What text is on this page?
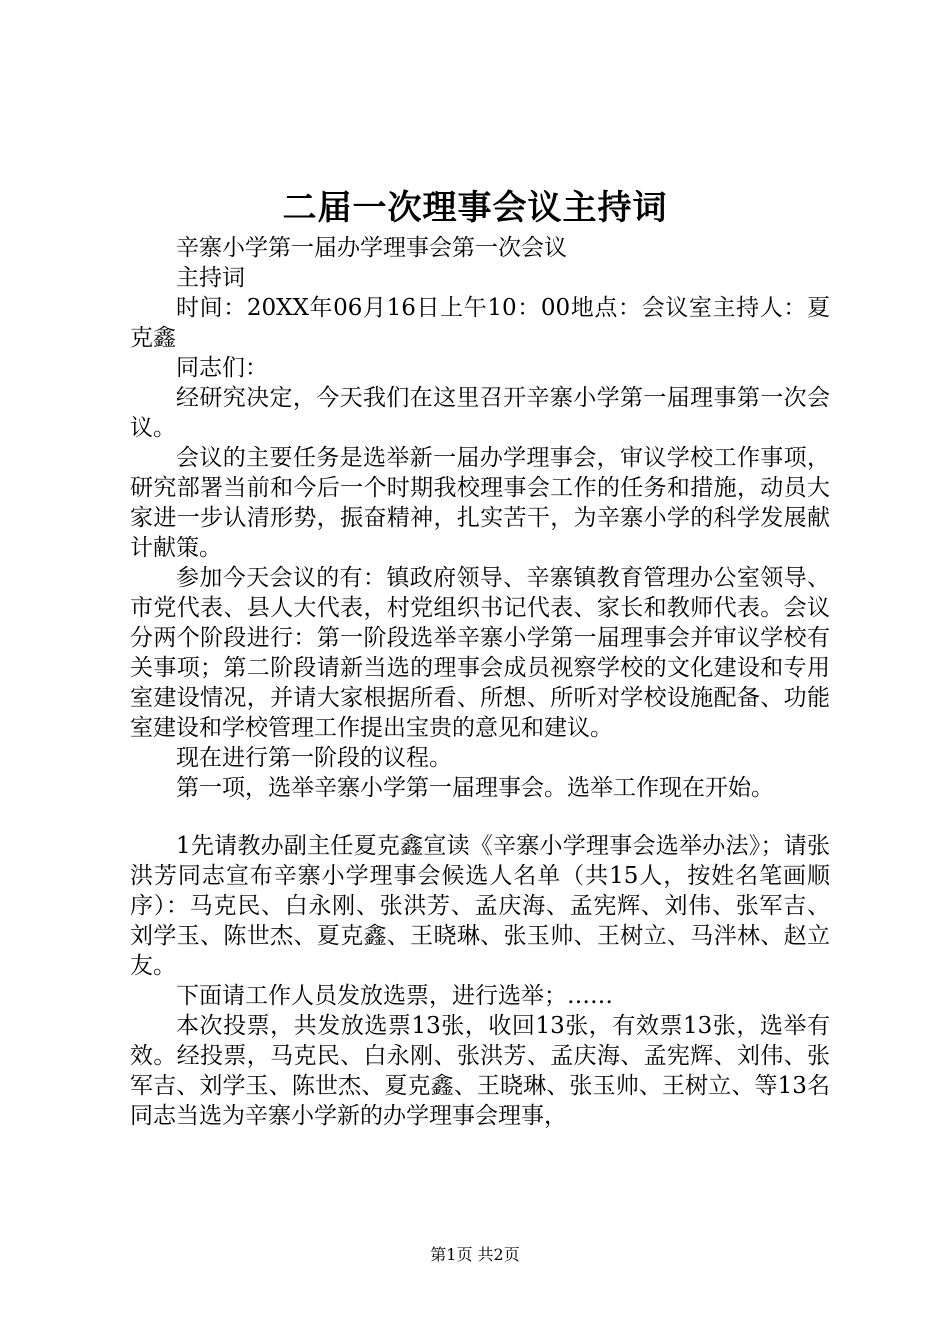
二届一次理事会议主持词

辛寨小学第一届办学理事会第一次会议

主持词

时间：20XX年06月16日上午10：00地点：会议室主持人：夏克鑫

同志们：

经研究决定，今天我们在这里召开辛寨小学第一届理事第一次会议。

会议的主要任务是选举新一届办学理事会，审议学校工作事项，研究部署当前和今后一个时期我校理事会工作的任务和措施，动员大家进一步认清形势，振奋精神，扎实苦干，为辛寨小学的科学发展献计献策。

参加今天会议的有：镇政府领导、辛寨镇教育管理办公室领导、市党代表、县人大代表，村党组织书记代表、家长和教师代表。会议分两个阶段进行：第一阶段选举辛寨小学第一届理事会并审议学校有关事项；第二阶段请新当选的理事会成员视察学校的文化建设和专用室建设情况，并请大家根据所看、所想、所听对学校设施配备、功能室建设和学校管理工作提出宝贵的意见和建议。

现在进行第一阶段的议程。

第一项，选举辛寨小学第一届理事会。选举工作现在开始。

1先请教办副主任夏克鑫宣读《辛寨小学理事会选举办法》；请张洪芳同志宣布辛寨小学理事会候选人名单（共15人，按姓名笔画顺序）：马克民、白永刚、张洪芳、孟庆海、孟宪辉、刘伟、张军吉、刘学玉、陈世杰、夏克鑫、王晓琳、张玉帅、王树立、马泮林、赵立友。

下面请工作人员发放选票，进行选举；……

本次投票，共发放选票13张，收回13张，有效票13张，选举有效。经投票，马克民、白永刚、张洪芳、孟庆海、孟宪辉、刘伟、张军吉、刘学玉、陈世杰、夏克鑫、王晓琳、张玉帅、王树立、等13名同志当选为辛寨小学新的办学理事会理事，

第1页 共2页
